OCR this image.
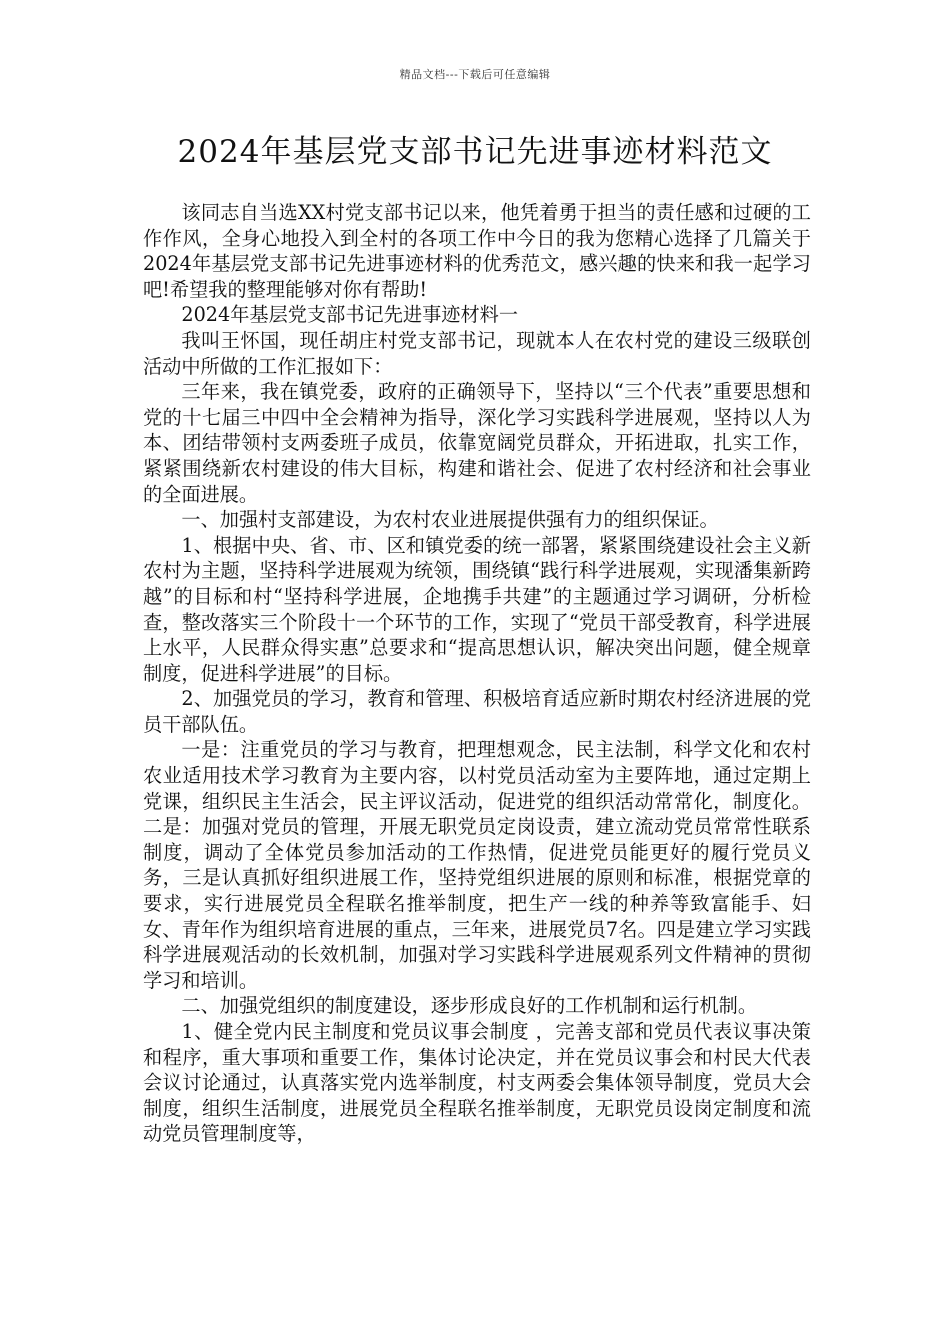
精品文档---下载后可任意编辑
2024年基层党支部书记先进事迹材料范文

该同志自当选XX村党支部书记以来，他凭着勇于担当的责任感和过硬的工作作风，全身心地投入到全村的各项工作中今日的我为您精心选择了几篇关于2024年基层党支部书记先进事迹材料的优秀范文，感兴趣的快来和我一起学习吧!希望我的整理能够对你有帮助!

2024年基层党支部书记先进事迹材料一

我叫王怀国，现任胡庄村党支部书记，现就本人在农村党的建设三级联创活动中所做的工作汇报如下：

三年来，我在镇党委，政府的正确领导下，坚持以“三个代表”重要思想和党的十七届三中四中全会精神为指导，深化学习实践科学进展观，坚持以人为本、团结带领村支两委班子成员，依靠宽阔党员群众，开拓进取，扎实工作，紧紧围绕新农村建设的伟大目标，构建和谐社会、促进了农村经济和社会事业的全面进展。

一、加强村支部建设，为农村农业进展提供强有力的组织保证。

1、根据中央、省、市、区和镇党委的统一部署，紧紧围绕建设社会主义新农村为主题，坚持科学进展观为统领，围绕镇“践行科学进展观，实现潘集新跨越”的目标和村“坚持科学进展，企地携手共建”的主题通过学习调研，分析检查，整改落实三个阶段十一个环节的工作，实现了“党员干部受教育，科学进展上水平，人民群众得实惠”总要求和“提高思想认识，解决突出问题，健全规章制度，促进科学进展”的目标。

2、加强党员的学习，教育和管理、积极培育适应新时期农村经济进展的党员干部队伍。

一是：注重党员的学习与教育，把理想观念，民主法制，科学文化和农村农业适用技术学习教育为主要内容，以村党员活动室为主要阵地，通过定期上党课，组织民主生活会，民主评议活动，促进党的组织活动常常化，制度化。二是：加强对党员的管理，开展无职党员定岗设责，建立流动党员常常性联系制度，调动了全体党员参加活动的工作热情，促进党员能更好的履行党员义务，三是认真抓好组织进展工作，坚持党组织进展的原则和标准，根据党章的要求，实行进展党员全程联名推举制度，把生产一线的种养等致富能手、妇女、青年作为组织培育进展的重点，三年来，进展党员7名。四是建立学习实践科学进展观活动的长效机制，加强对学习实践科学进展观系列文件精神的贯彻学习和培训。

二、加强党组织的制度建设，逐步形成良好的工作机制和运行机制。

1、健全党内民主制度和党员议事会制度 ，完善支部和党员代表议事决策和程序，重大事项和重要工作，集体讨论决定，并在党员议事会和村民大代表会议讨论通过，认真落实党内选举制度，村支两委会集体领导制度，党员大会制度，组织生活制度，进展党员全程联名推举制度，无职党员设岗定制度和流动党员管理制度等，
